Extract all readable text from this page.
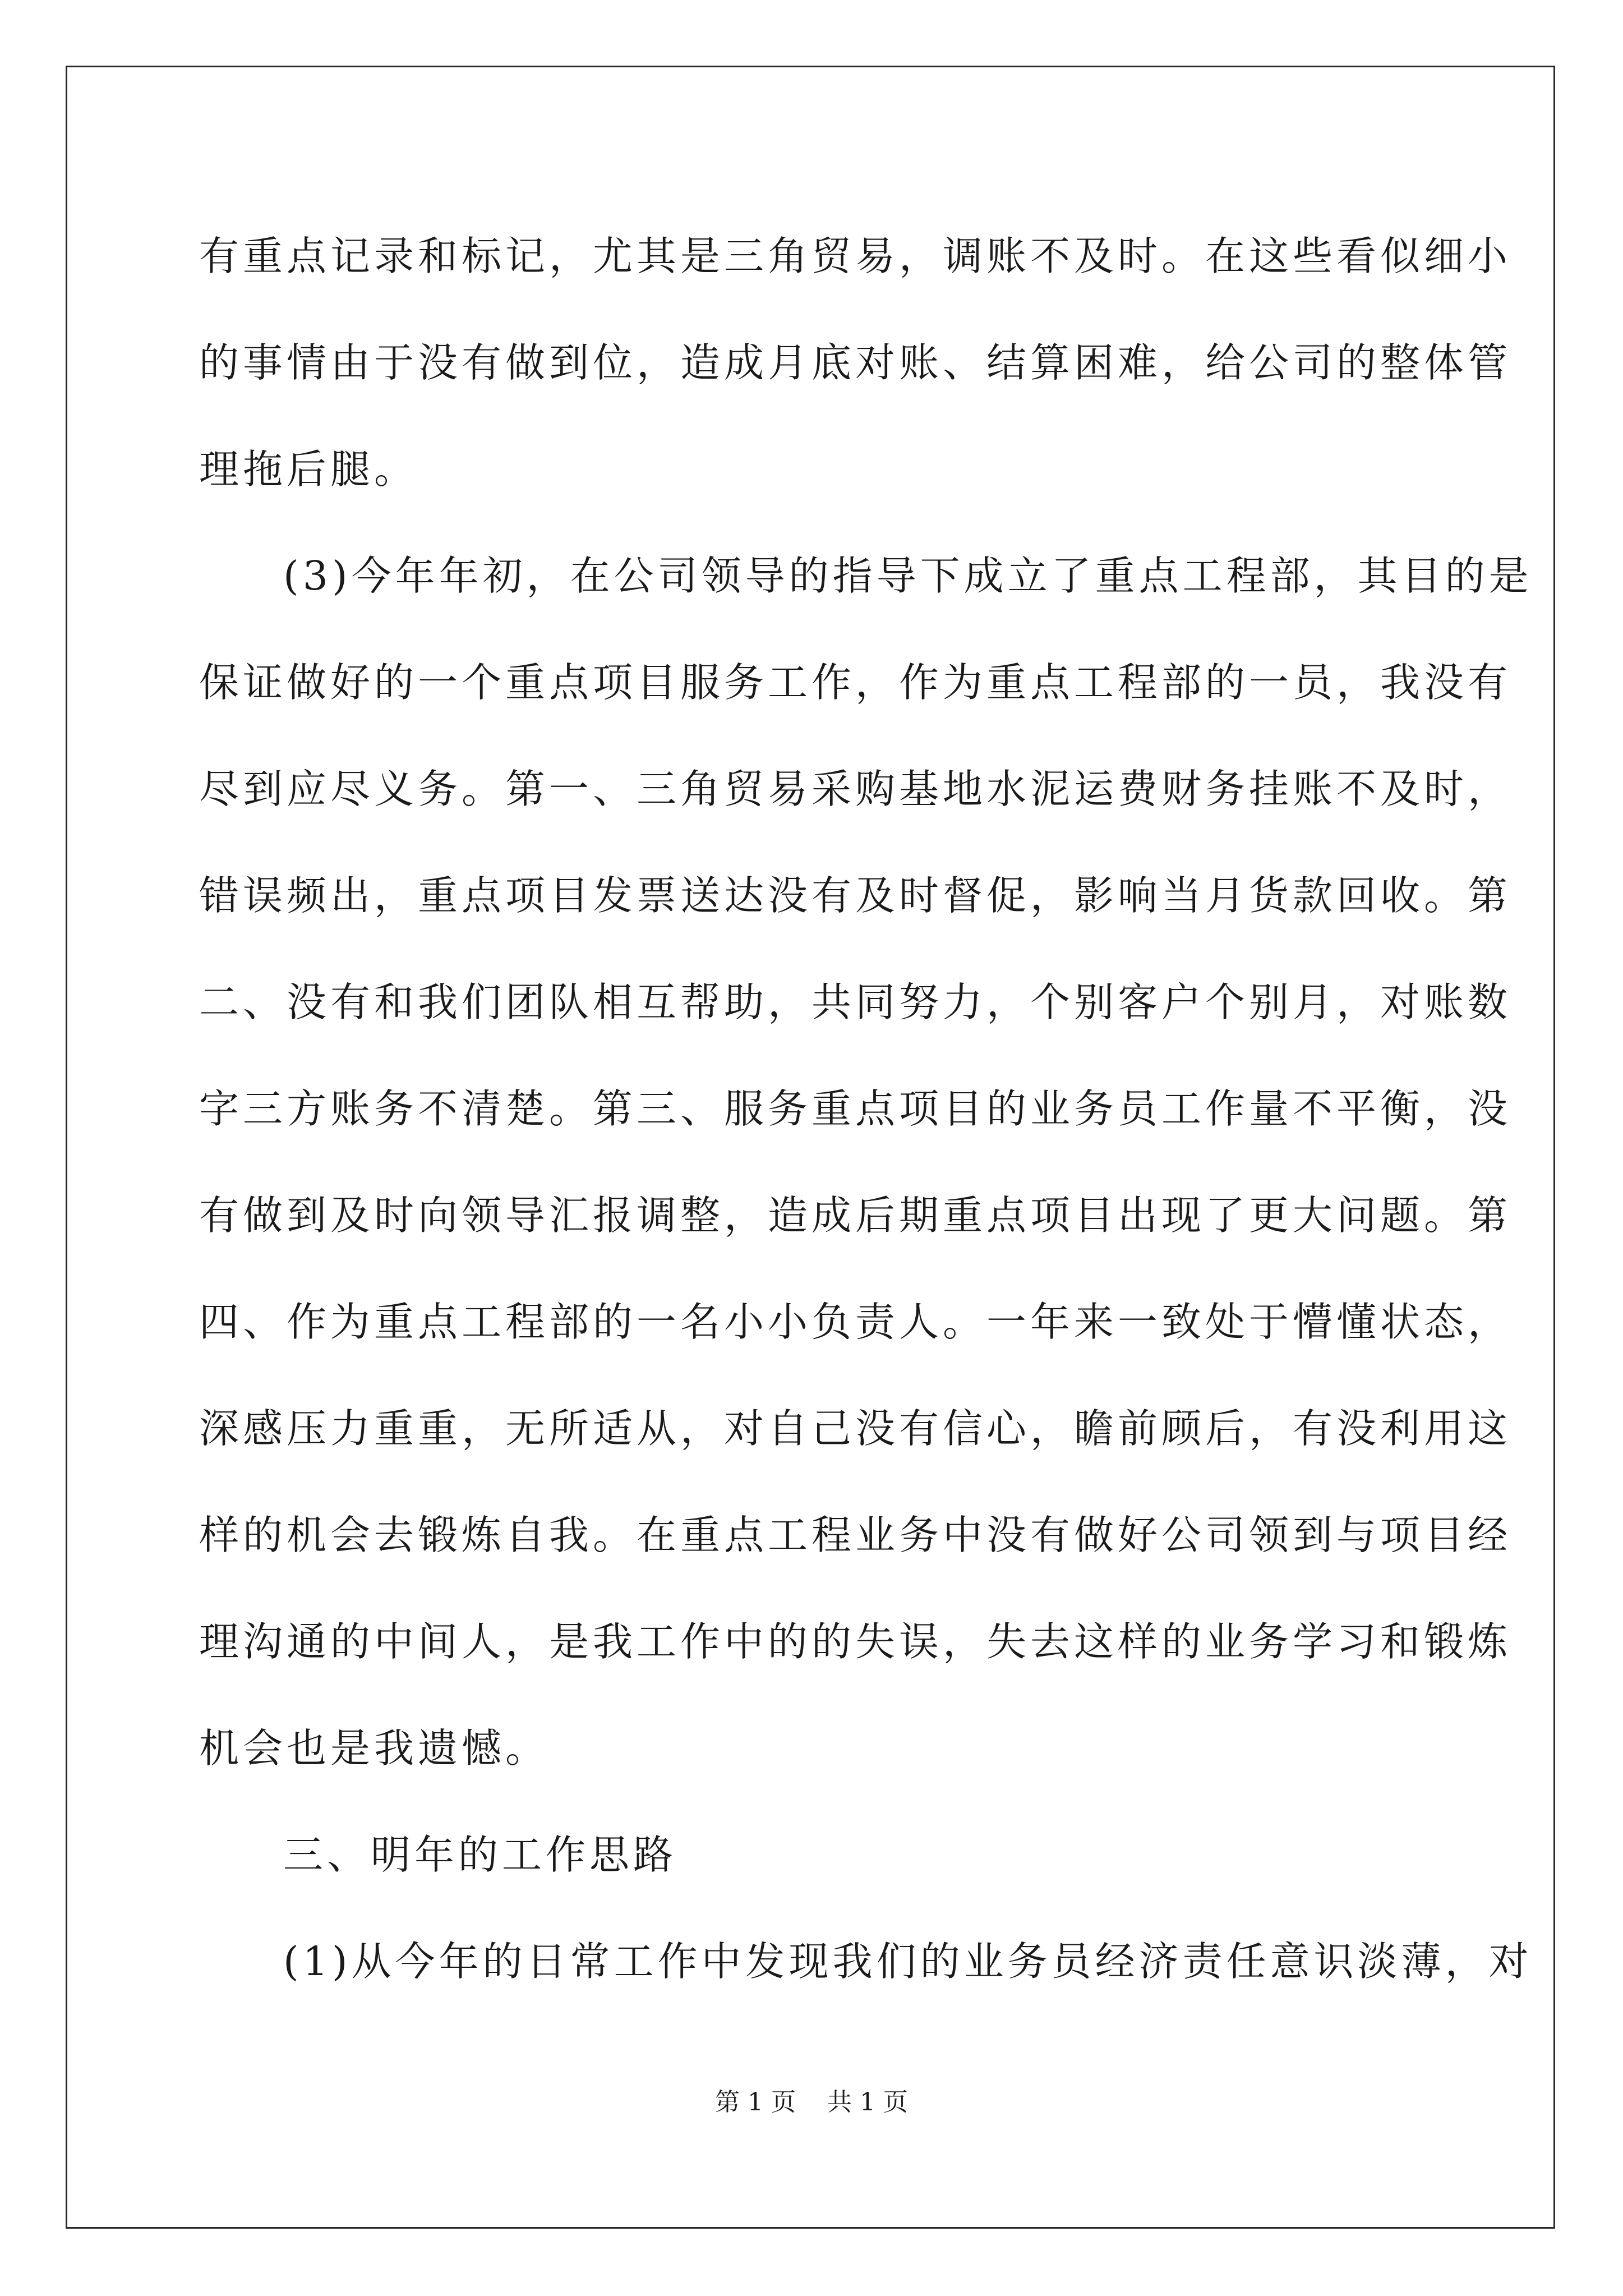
有重点记录和标记，尤其是三角贸易，调账不及时。在这些看似细小
的事情由于没有做到位，造成月底对账、结算困难，给公司的整体管
理拖后腿。
(3)今年年初，在公司领导的指导下成立了重点工程部，其目的是
保证做好的一个重点项目服务工作，作为重点工程部的一员，我没有
尽到应尽义务。第一、三角贸易采购基地水泥运费财务挂账不及时，
错误频出，重点项目发票送达没有及时督促，影响当月货款回收。第
二、没有和我们团队相互帮助，共同努力，个别客户个别月，对账数
字三方账务不清楚。第三、服务重点项目的业务员工作量不平衡，没
有做到及时向领导汇报调整，造成后期重点项目出现了更大问题。第
四、作为重点工程部的一名小小负责人。一年来一致处于懵懂状态，
深感压力重重，无所适从，对自己没有信心，瞻前顾后，有没利用这
样的机会去锻炼自我。在重点工程业务中没有做好公司领到与项目经
理沟通的中间人，是我工作中的的失误，失去这样的业务学习和锻炼
机会也是我遗憾。
三、明年的工作思路
(1)从今年的日常工作中发现我们的业务员经济责任意识淡薄，对
第 1 页    共 1 页
